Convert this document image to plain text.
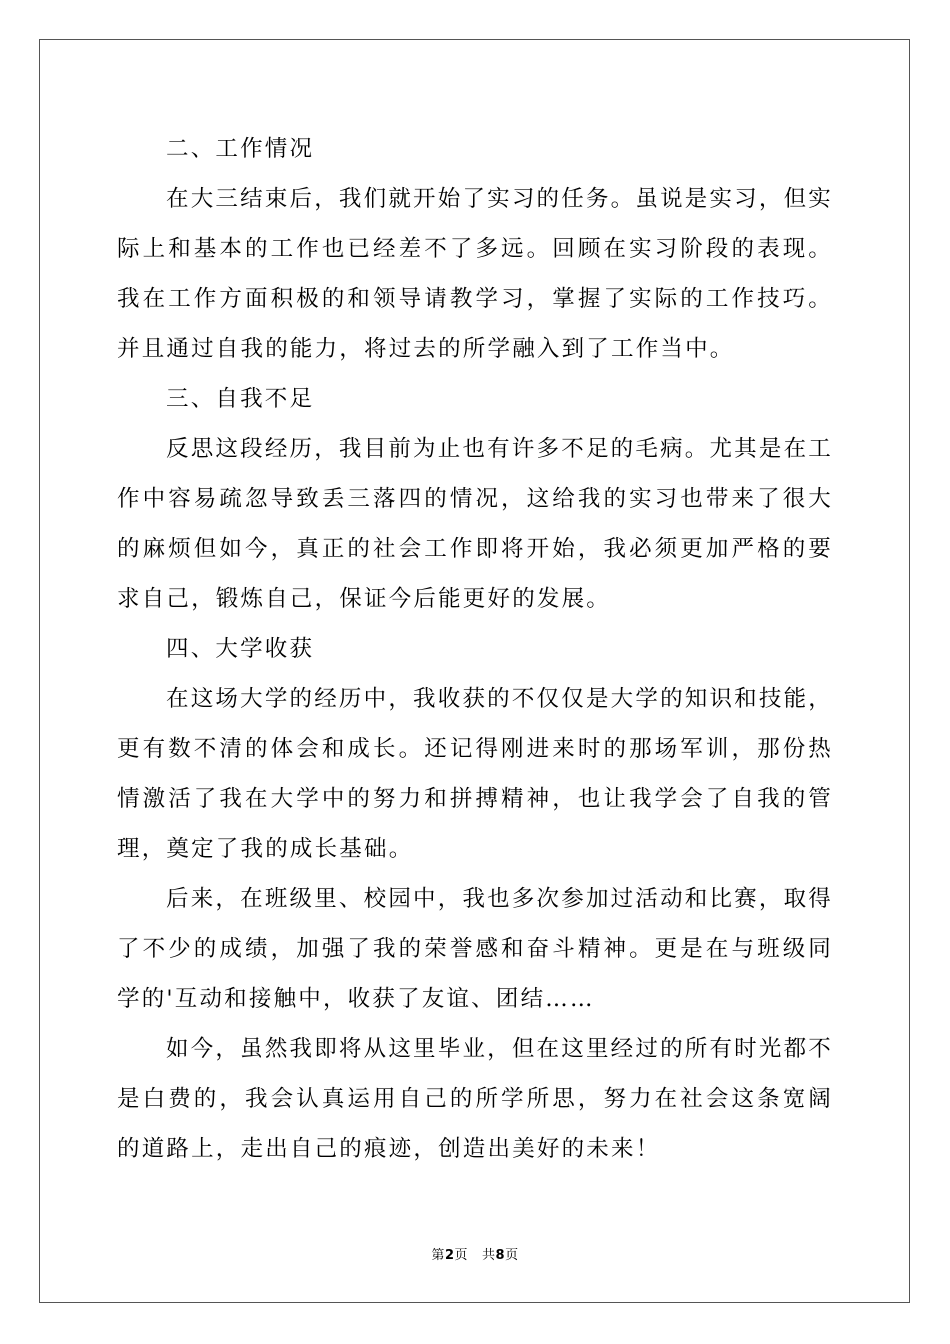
二、工作情况

在大三结束后，我们就开始了实习的任务。虽说是实习，但实际上和基本的工作也已经差不了多远。回顾在实习阶段的表现。我在工作方面积极的和领导请教学习，掌握了实际的工作技巧。并且通过自我的能力，将过去的所学融入到了工作当中。

三、自我不足

反思这段经历，我目前为止也有许多不足的毛病。尤其是在工作中容易疏忽导致丢三落四的情况，这给我的实习也带来了很大的麻烦但如今，真正的社会工作即将开始，我必须更加严格的要求自己，锻炼自己，保证今后能更好的发展。

四、大学收获

在这场大学的经历中，我收获的不仅仅是大学的知识和技能，更有数不清的体会和成长。还记得刚进来时的那场军训，那份热情激活了我在大学中的努力和拼搏精神，也让我学会了自我的管理，奠定了我的成长基础。

后来，在班级里、校园中，我也多次参加过活动和比赛，取得了不少的成绩，加强了我的荣誉感和奋斗精神。更是在与班级同学的'互动和接触中，收获了友谊、团结……

如今，虽然我即将从这里毕业，但在这里经过的所有时光都不是白费的，我会认真运用自己的所学所思，努力在社会这条宽阔的道路上，走出自己的痕迹，创造出美好的未来！

第2页 共8页
